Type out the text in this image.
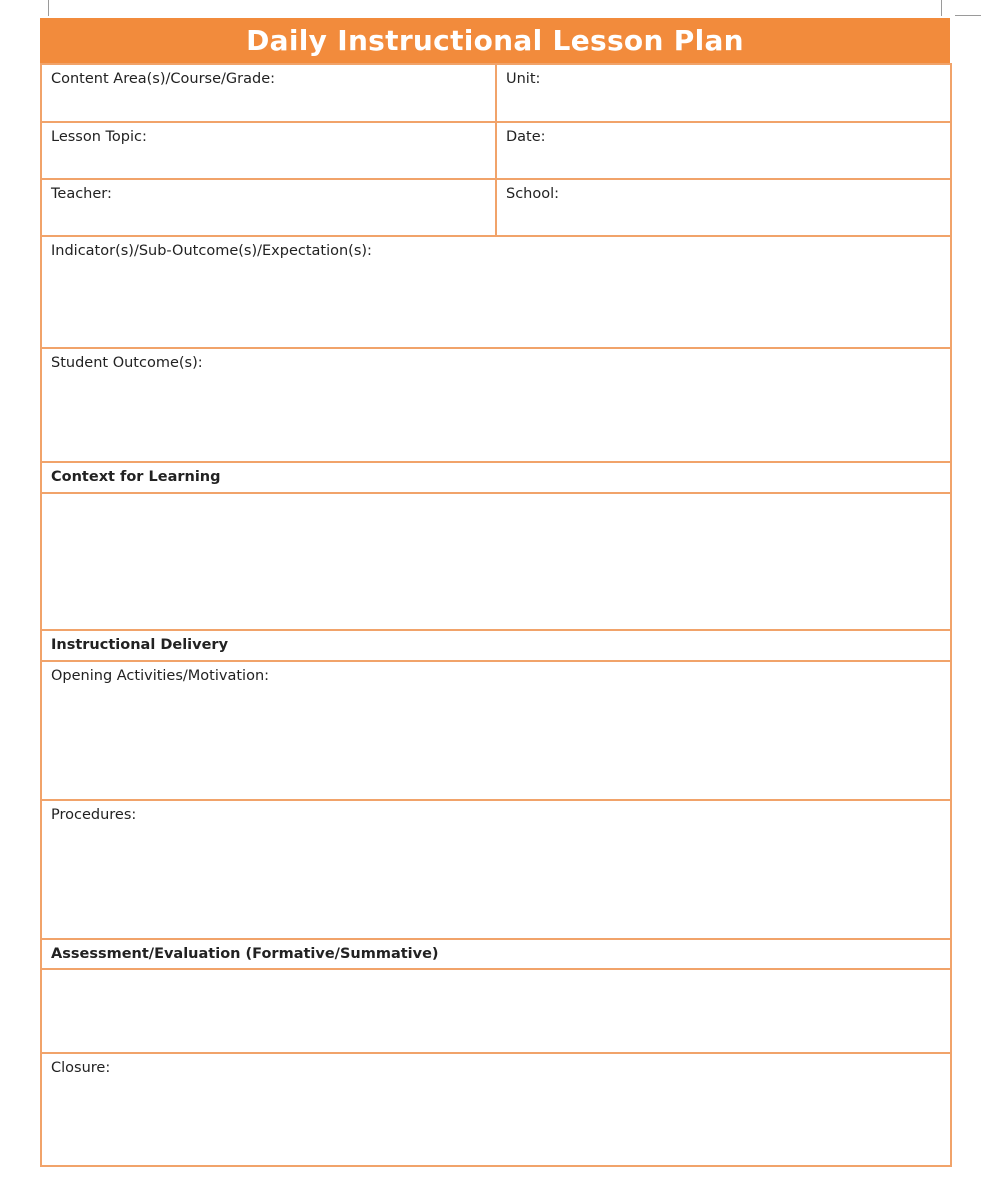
Daily Instructional Lesson Plan
Content Area(s)/Course/Grade:	Unit:
Lesson Topic:	Date:
Teacher:	School:
Indicator(s)/Sub-Outcome(s)/Expectation(s):	
Student Outcome(s):	
Context for Learning	

Instructional Delivery	
Opening Activities/Motivation:	
Procedures:	
Assessment/Evaluation (Formative/Summative)	

Closure:	
